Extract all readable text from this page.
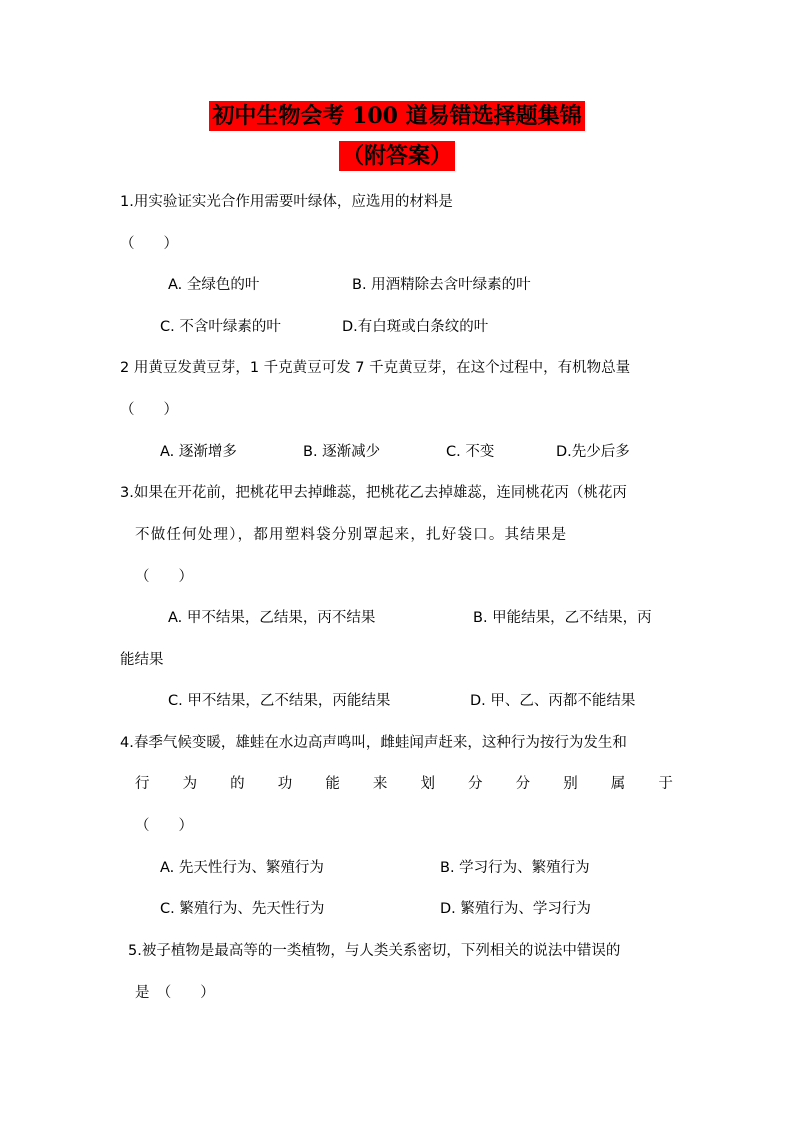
初中生物会考 100 道易错选择题集锦
（附答案）
1.用实验证实光合作用需要叶绿体，应选用的材料是
（　　）
A. 全绿色的叶	B. 用酒精除去含叶绿素的叶
C. 不含叶绿素的叶	D.有白斑或白条纹的叶
2 用黄豆发黄豆芽，1 千克黄豆可发 7 千克黄豆芽，在这个过程中，有机物总量
（　　）
A. 逐渐增多	B. 逐渐减少	C. 不变	D.先少后多
3.如果在开花前，把桃花甲去掉雌蕊，把桃花乙去掉雄蕊，连同桃花丙（桃花丙
不做任何处理），都用塑料袋分别罩起来，扎好袋口。其结果是
（　　）
A. 甲不结果，乙结果，丙不结果	B. 甲能结果，乙不结果，丙
能结果
C. 甲不结果，乙不结果，丙能结果	D. 甲、乙、丙都不能结果
4.春季气候变暖，雄蛙在水边高声鸣叫，雌蛙闻声赶来，这种行为按行为发生和
行 为 的 功 能 来 划 分 分 别 属 于
（　　）
A. 先天性行为、繁殖行为	B. 学习行为、繁殖行为
C. 繁殖行为、先天性行为	D. 繁殖行为、学习行为
5.被子植物是最高等的一类植物，与人类关系密切，下列相关的说法中错误的
是　（　　）
